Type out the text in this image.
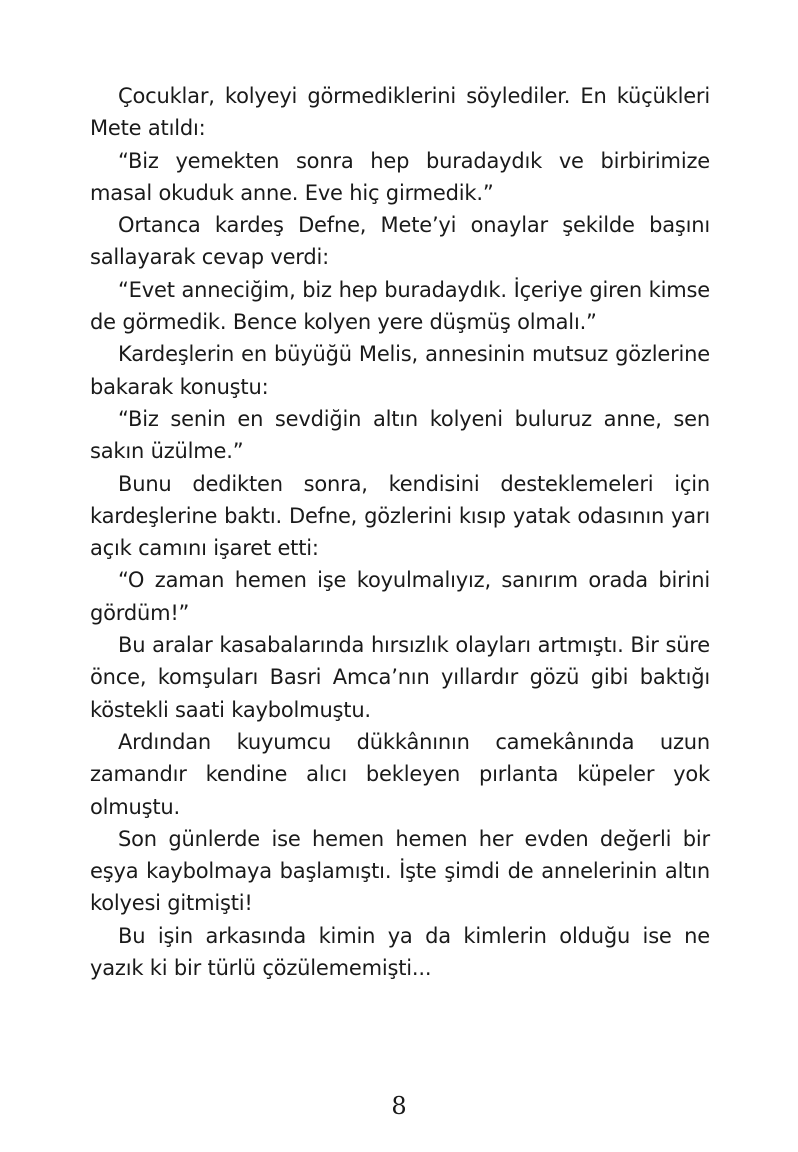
Çocuklar, kolyeyi görmediklerini söylediler. En küçükleri Mete atıldı:

“Biz yemekten sonra hep buradaydık ve birbirimize masal okuduk anne. Eve hiç girmedik.”

Ortanca kardeş Defne, Mete’yi onaylar şekilde başını sallayarak cevap verdi:

“Evet anneciğim, biz hep buradaydık. İçeriye giren kimse de görmedik. Bence kolyen yere düşmüş olmalı.”

Kardeşlerin en büyüğü Melis, annesinin mutsuz gözlerine bakarak konuştu:

“Biz senin en sevdiğin altın kolyeni buluruz anne, sen sakın üzülme.”

Bunu dedikten sonra, kendisini desteklemeleri için kardeşlerine baktı. Defne, gözlerini kısıp yatak odasının yarı açık camını işaret etti:

“O zaman hemen işe koyulmalıyız, sanırım orada birini gördüm!”

Bu aralar kasabalarında hırsızlık olayları artmıştı. Bir süre önce, komşuları Basri Amca’nın yıllardır gözü gibi baktığı köstekli saati kaybolmuştu.

Ardından kuyumcu dükkânının camekânında uzun zamandır kendine alıcı bekleyen pırlanta küpeler yok olmuştu.

Son günlerde ise hemen hemen her evden değerli bir eşya kaybolmaya başlamıştı. İşte şimdi de annelerinin altın kolyesi gitmişti!

Bu işin arkasında kimin ya da kimlerin olduğu ise ne yazık ki bir türlü çözülememişti...

8
